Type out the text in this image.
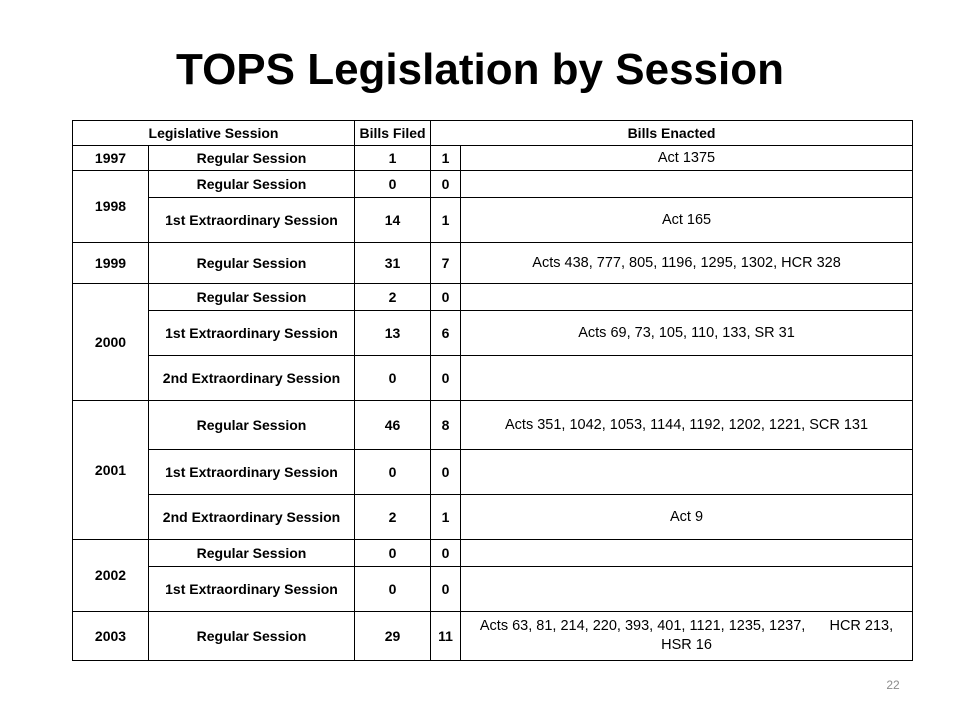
TOPS Legislation by Session
Legislative Session		Bills Filed	Bills Enacted	
1997	Regular Session	1	1	Act 1375
1998	Regular Session	0	0	
	1st Extraordinary Session	14	1	Act 165
1999	Regular Session	31	7	Acts 438, 777, 805, 1196, 1295, 1302, HCR 328
2000	Regular Session	2	0	
	1st Extraordinary Session	13	6	Acts 69, 73, 105, 110, 133, SR 31
	2nd Extraordinary Session	0	0	
2001	Regular Session	46	8	Acts 351, 1042, 1053, 1144, 1192, 1202, 1221, SCR 131
	1st Extraordinary Session	0	0	
	2nd Extraordinary Session	2	1	Act 9
2002	Regular Session	0	0	
	1st Extraordinary Session	0	0	
2003	Regular Session	29	11	Acts 63, 81, 214, 220, 393, 401, 1121, 1235, 1237,      HCR 213, HSR 16
22
